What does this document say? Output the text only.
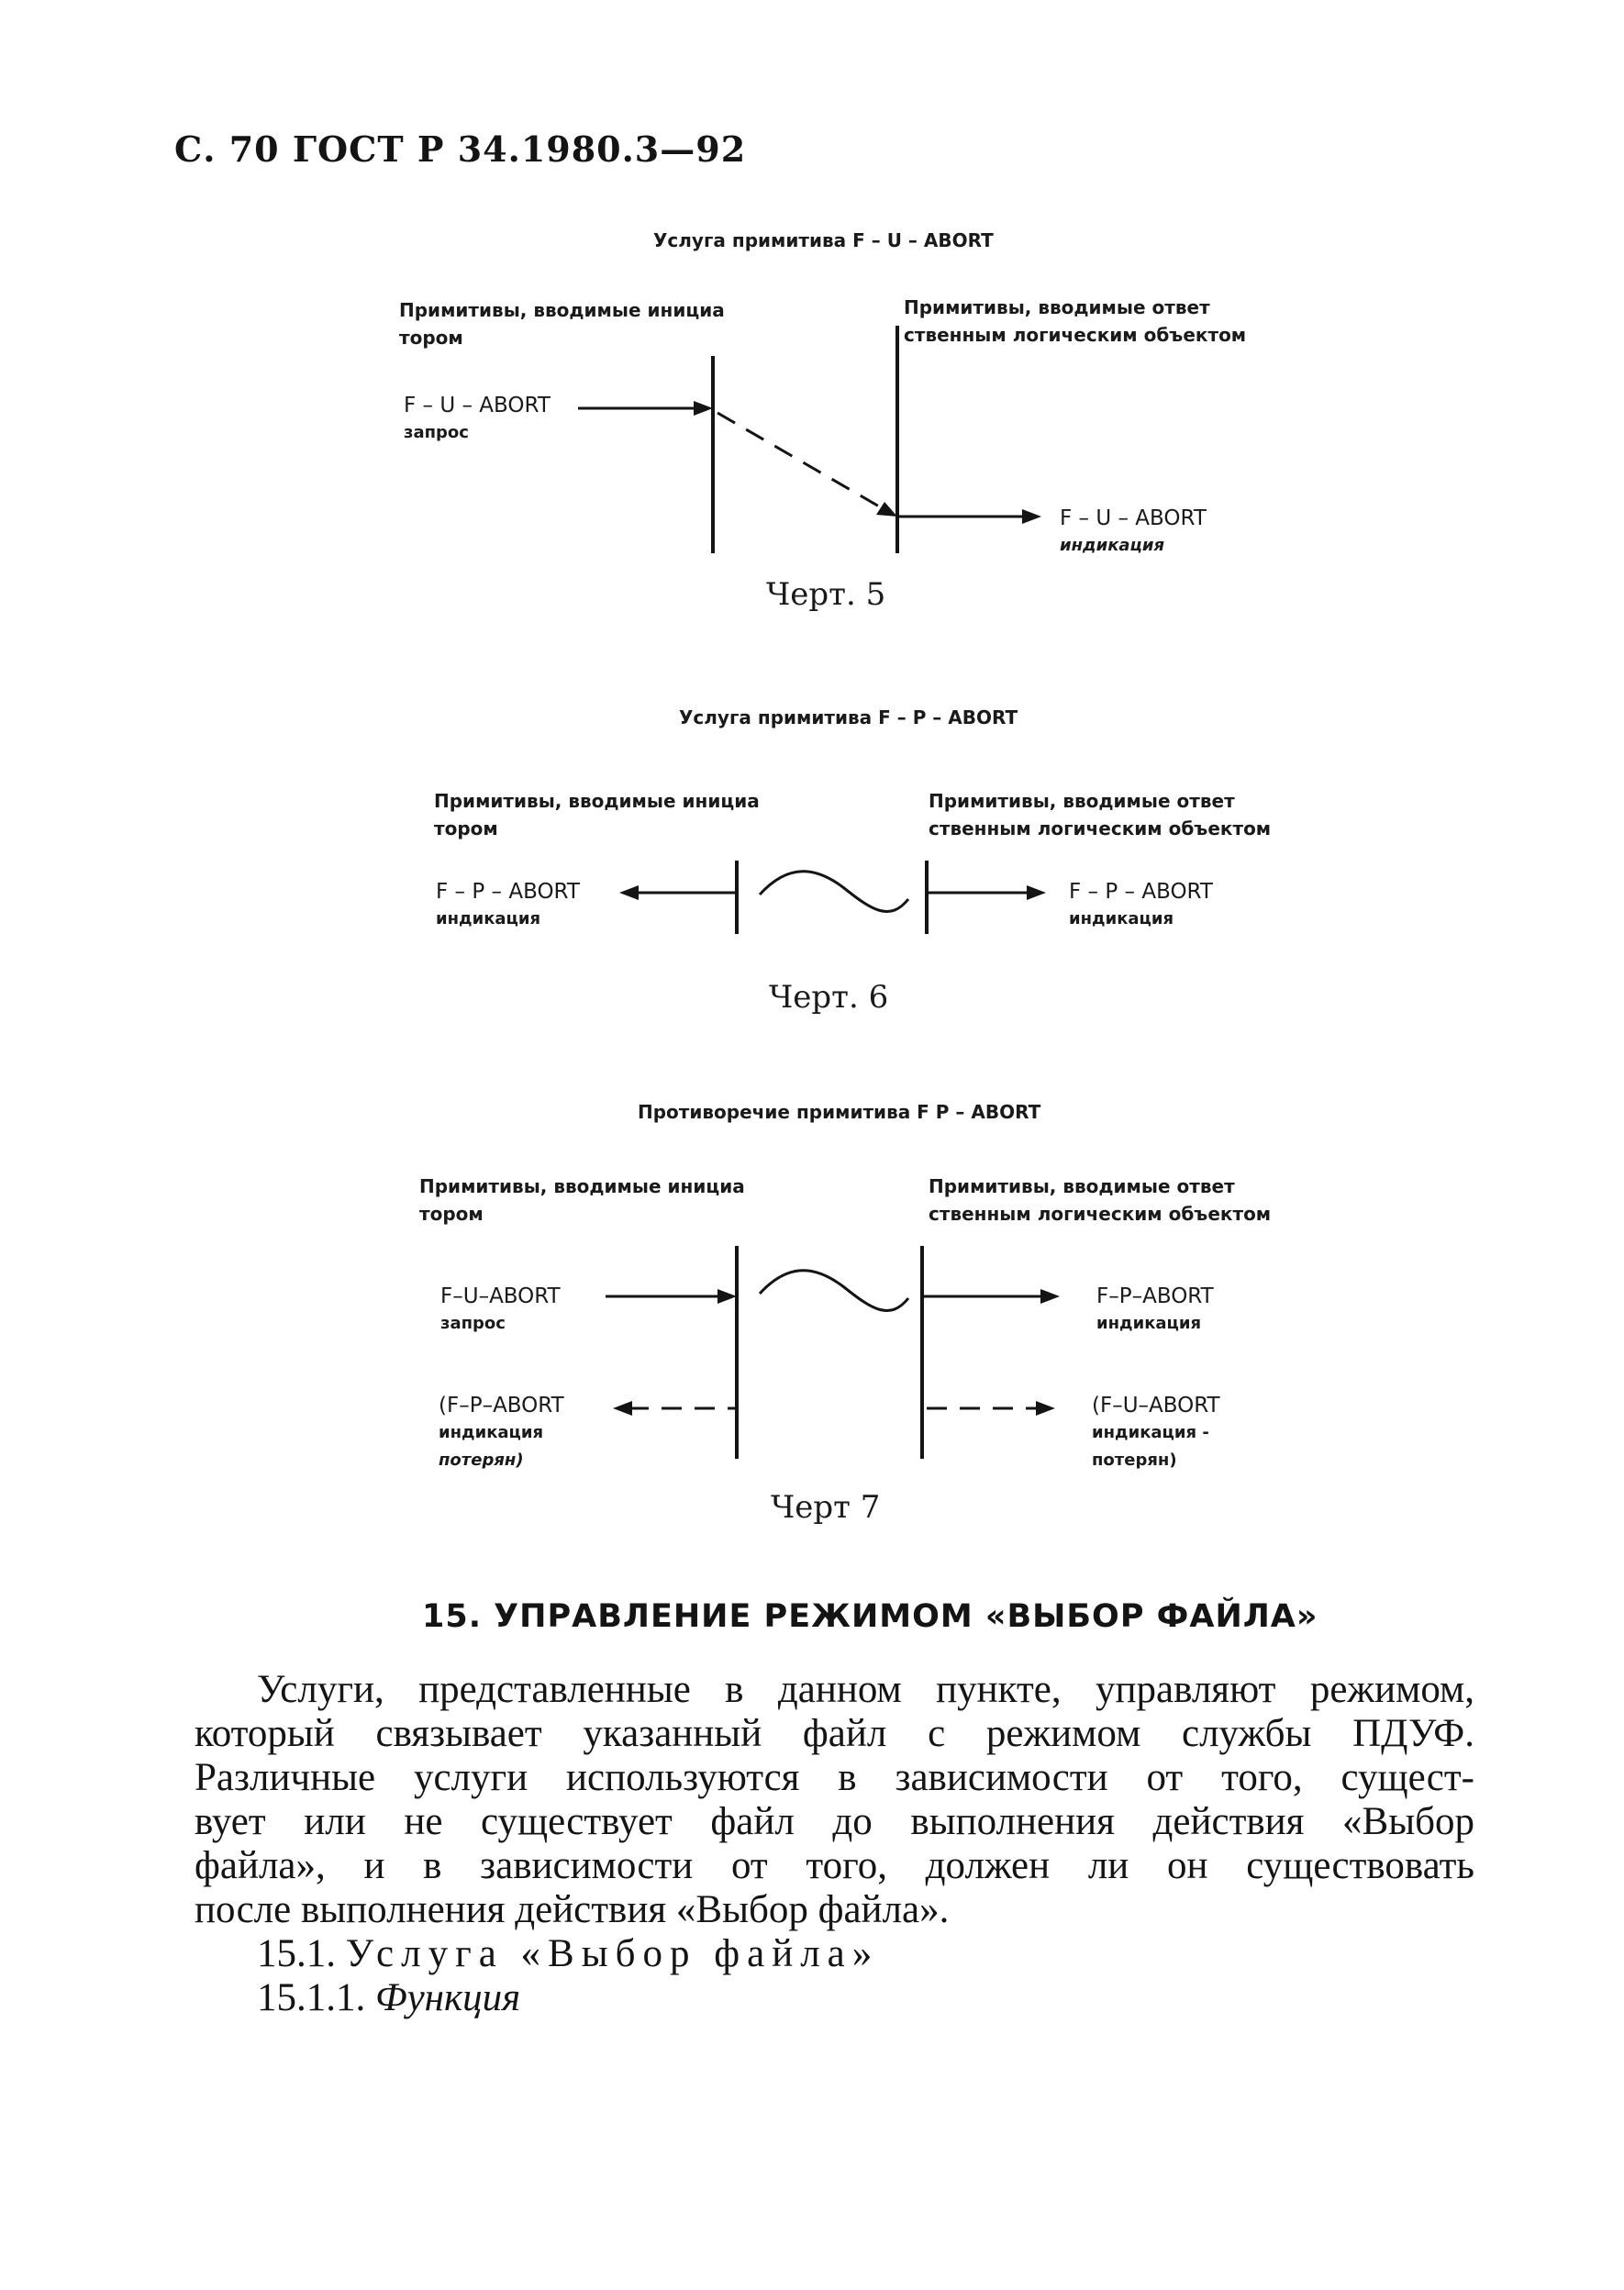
С. 70 ГОСТ Р 34.1980.3—92
Услуга примитива F – U – ABORT
Примитивы, вводимые инициа
тором
Примитивы, вводимые ответ
ственным логическим объектом
F – U – ABORT
запрос
F – U – ABORT
индикация
Черт. 5
Услуга примитива F – P – ABORT
Примитивы, вводимые инициа
тором
Примитивы, вводимые ответ
ственным логическим объектом
F – P – ABORT
индикация
F – P – ABORT
индикация
Черт. 6
Противоречие примитива F P – ABORT
Примитивы, вводимые инициа
тором
Примитивы, вводимые ответ
ственным логическим объектом
F–U–ABORT
запрос
F–P–ABORT
индикация
(F–P–ABORT
индикация
потерян)
(F–U–ABORT
индикация -
потерян)
Черт 7
15. УПРАВЛЕНИЕ РЕЖИМОМ «ВЫБОР ФАЙЛА»
Услуги, представленные в данном пункте, управляют режимом,
который связывает указанный файл с режимом службы ПДУФ.
Различные услуги используются в зависимости от того, сущест-
вует или не существует файл до выполнения действия «Выбор
файла», и в зависимости от того, должен ли он существовать
после выполнения действия «Выбор файла».
15.1. Услуга «Выбор файла»
15.1.1. Функция
